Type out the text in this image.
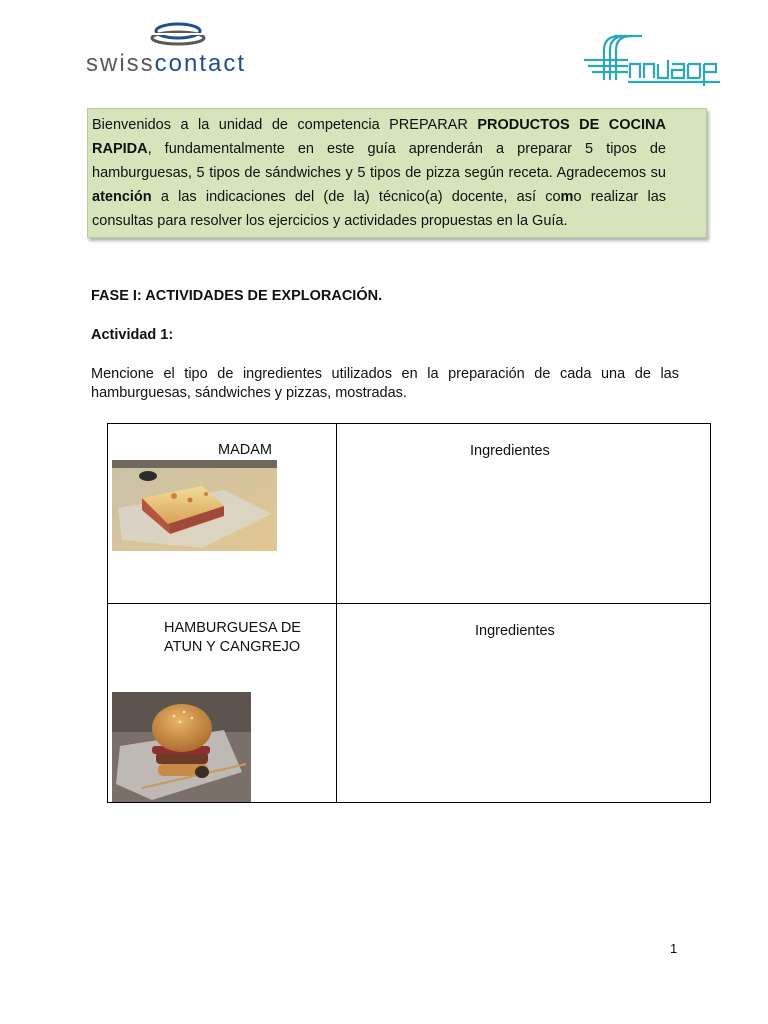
swisscontact

Bienvenidos a la unidad de competencia PREPARAR PRODUCTOS DE COCINA RAPIDA, fundamentalmente en este guía aprenderán a preparar 5 tipos de hamburguesas, 5 tipos de sándwiches y 5 tipos de pizza según receta. Agradecemos su atención a las indicaciones del (de la) técnico(a) docente, así como realizar las consultas para resolver los ejercicios y actividades propuestas en la Guía.

FASE I: ACTIVIDADES DE EXPLORACIÓN.
Actividad 1:

Mencione el tipo de ingredientes utilizados en la preparación de cada una de las hamburguesas, sándwiches y pizzas, mostradas.

MADAM	Ingredientes

HAMBURGUESA DE ATUN Y CANGREJO	Ingredientes
1
